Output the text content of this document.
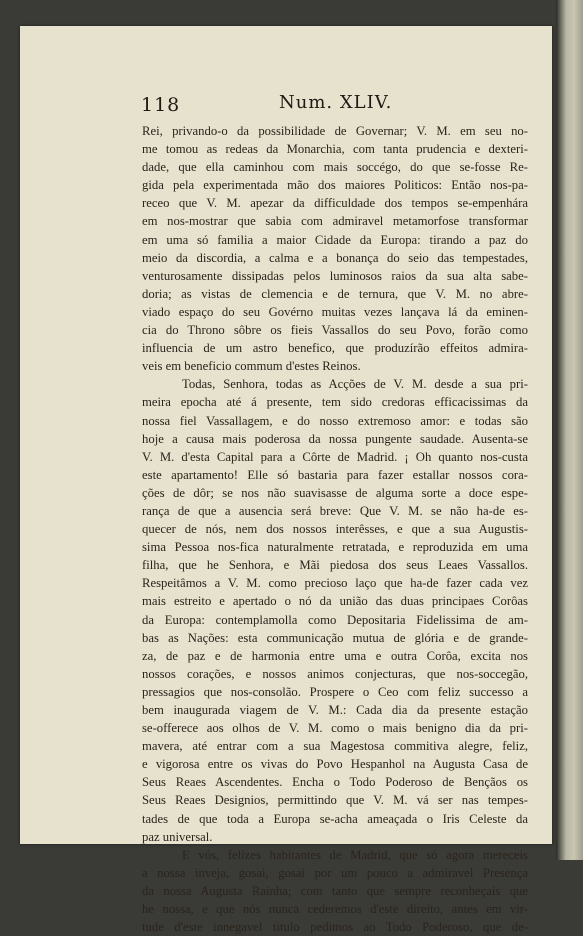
118	Num. XLIV.
Rei, privando-o da possibilidade de Governar; V. M. em seu no-
me tomou as redeas da Monarchia, com tanta prudencia e dexteri-
dade, que ella caminhou com mais soccégo, do que se-fosse Re-
gida pela experimentada mão dos maiores Politicos: Então nos-pa-
receo que V. M. apezar da difficuldade dos tempos se-empenhára
em nos-mostrar que sabia com admiravel metamorfose transformar
em uma só familia a maior Cidade da Europa: tirando a paz do
meio da discordia, a calma e a bonança do seio das tempestades,
venturosamente dissipadas pelos luminosos raios da sua alta sabe-
doria; as vistas de clemencia e de ternura, que V. M. no abre-
viado espaço do seu Govérno muitas vezes lançava lá da eminen-
cia do Throno sôbre os fieis Vassallos do seu Povo, forão como
influencia de um astro benefico, que produzírão effeitos admira-
veis em beneficio commum d'estes Reinos.
Todas, Senhora, todas as Acções de V. M. desde a sua pri-
meira epocha até á presente, tem sido credoras efficacissimas da
nossa fiel Vassallagem, e do nosso extremoso amor: e todas são
hoje a causa mais poderosa da nossa pungente saudade. Ausenta-se
V. M. d'esta Capital para a Côrte de Madrid. ¡ Oh quanto nos-custa
este apartamento! Elle só bastaria para fazer estallar nossos cora-
ções de dôr; se nos não suavisasse de alguma sorte a doce espe-
rança de que a ausencia será breve: Que V. M. se não ha-de es-
quecer de nós, nem dos nossos interêsses, e que a sua Augustis-
sima Pessoa nos-fica naturalmente retratada, e reproduzida em uma
filha, que he Senhora, e Mãi piedosa dos seus Leaes Vassallos.
Respeitâmos a V. M. como precioso laço que ha-de fazer cada vez
mais estreito e apertado o nó da união das duas principaes Corôas
da Europa: contemplamolla como Depositaria Fidelissima de am-
bas as Nações: esta communicação mutua de glória e de grande-
za, de paz e de harmonia entre uma e outra Corôa, excita nos
nossos corações, e nossos animos conjecturas, que nos-soccegão,
pressagios que nos-consolão. Prospere o Ceo com feliz successo a
bem inaugurada viagem de V. M.: Cada dia da presente estação
se-offerece aos olhos de V. M. como o mais benigno dia da pri-
mavera, até entrar com a sua Magestosa commitiva alegre, feliz,
e vigorosa entre os vivas do Povo Hespanhol na Augusta Casa de
Seus Reaes Ascendentes. Encha o Todo Poderoso de Bençãos os
Seus Reaes Designios, permittindo que V. M. vá ser nas tempes-
tades de que toda a Europa se-acha ameaçada o Iris Celeste da
paz universal.
E vós, felizes habitantes de Madrid, que só agora mereceis
a nossa inveja, gosai, gosai por um pouco a admiravel Presença
da nossa Augusta Rainha; com tanto que sempre reconheçais que
he nossa, e que nós nunca cederemos d'este direito, antes em vir-
tude d'este innegavel titulo pedimos ao Todo Poderoso, que de-
